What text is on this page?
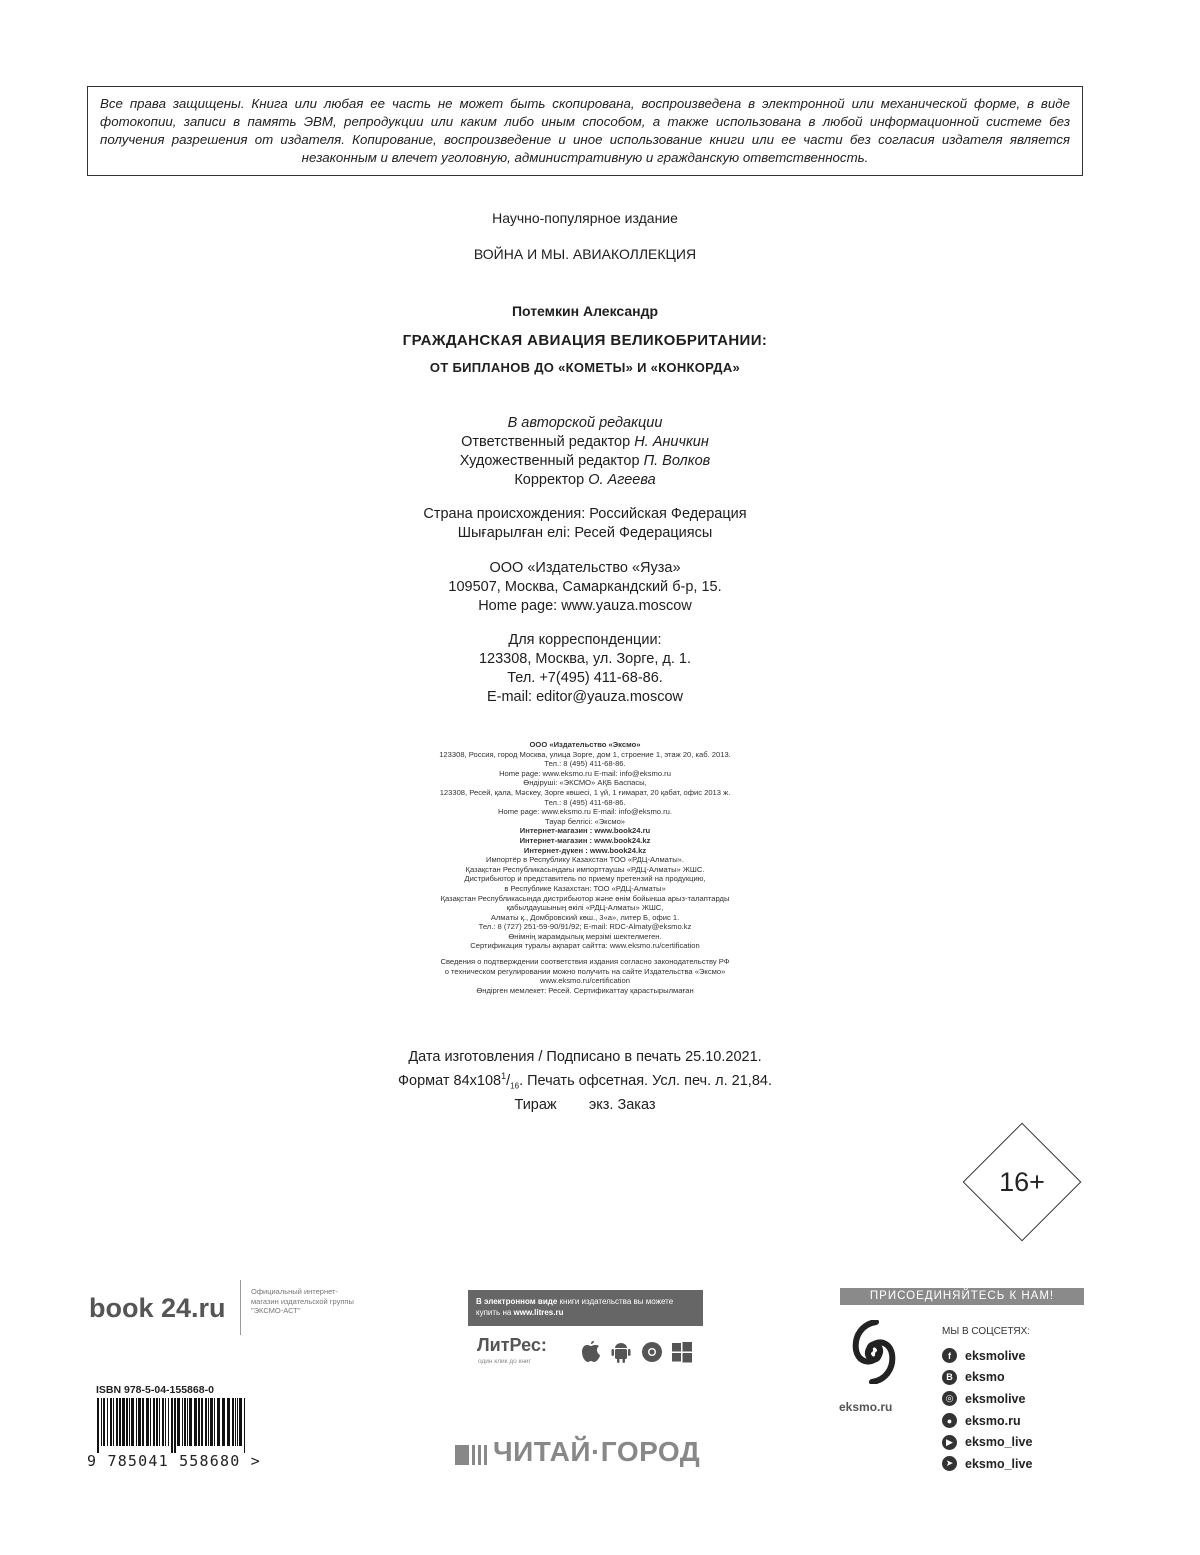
Все права защищены. Книга или любая ее часть не может быть скопирована, воспроизведена в электронной или механической форме, в виде фотокопии, записи в память ЭВМ, репродукции или каким либо иным способом, а также использована в любой информационной системе без получения разрешения от издателя. Копирование, воспроизведение и иное использование книги или ее части без согласия издателя является незаконным и влечет уголовную, административную и гражданскую ответственность.
Научно-популярное издание
ВОЙНА И МЫ. АВИАКОЛЛЕКЦИЯ
Потемкин Александр
ГРАЖДАНСКАЯ АВИАЦИЯ ВЕЛИКОБРИТАНИИ:
ОТ БИПЛАНОВ ДО «КОМЕТЫ» И «КОНКОРДА»
В авторской редакции
Ответственный редактор Н. Аничкин
Художественный редактор П. Волков
Корректор О. Агеева
Страна происхождения: Российская Федерация
Шығарылған елі: Ресей Федерациясы
ООО «Издательство «Яуза»
109507, Москва, Самаркандский б-р, 15.
Home page: www.yauza.moscow
Для корреспонденции:
123308, Москва, ул. Зорге, д. 1.
Тел. +7(495) 411-68-86.
E-mail: editor@yauza.moscow
ООО «Издательство «Эксмо»
123308, Россия, город Москва, улица Зорге, дом 1, строение 1, этаж 20, каб. 2013.
Тел.: 8 (495) 411-68-86.
Home page: www.eksmo.ru E-mail: info@eksmo.ru
Өндіруші: «ЭКСМО» АҚБ Баспасы,
123308, Ресей, қала, Мәскеу, Зорге көшесі, 1 үй, 1 ғимарат, 20 қабат, офис 2013 ж.
Тел.: 8 (495) 411-68-86.
Home page: www.eksmo.ru E-mail: info@eksmo.ru.
Тауар белгісі: «Эксмо»
Интернет-магазин : www.book24.ru
Интернет-магазин : www.book24.kz
Интернет-дүкен : www.book24.kz
Импортёр в Республику Казахстан ТОО «РДЦ-Алматы».
Қазақстан Республикасындағы импорттаушы «РДЦ-Алматы» ЖШС.
Дистрибьютор и представитель по приему претензий на продукцию,
в Республике Казахстан: ТОО «РДЦ-Алматы»
Қазақстан Республикасында дистрибьютор және өнім бойынша арыз-талаптарды
қабылдаушының өкілі «РДЦ-Алматы» ЖШС,
Алматы қ., Домбровский көш., 3«а», литер Б, офис 1.
Тел.: 8 (727) 251-59-90/91/92; E-mail: RDC-Almaty@eksmo.kz
Өнімнің жарамдылық мерзімі шектелмеген.
Сертификация туралы ақпарат сайтта: www.eksmo.ru/certification

Сведения о подтверждении соответствия издания согласно законодательству РФ
о техническом регулировании можно получить на сайте Издательства «Эксмо»
www.eksmo.ru/certification
Өндірген мемлекет: Ресей. Сертификаттау қарастырылмаған
Дата изготовления / Подписано в печать 25.10.2021.
Формат $84x108^1/_{16}$. Печать офсетная. Усл. печ. л. 21,84.
Тираж экз. Заказ
16+
book 24.ru
Официальный интернет-магазин издательской группы "ЭКСМО-АСТ"
В электронном виде книги издательства вы можете купить на www.litres.ru
ЛитРес:
один клик до книг
ПРИСОЕДИНЯЙТЕСЬ К НАМ!
eksmo.ru
МЫ В СОЦСЕТЯХ:
f	eksmolive
В eksmo
◎ eksmolive
●	eksmo.ru
▶ eksmo_live
➤ eksmo_live
ISBN 978-5-04-155868-0
9 785041 558680 >	ЧИТАЙ·ГОРОД
